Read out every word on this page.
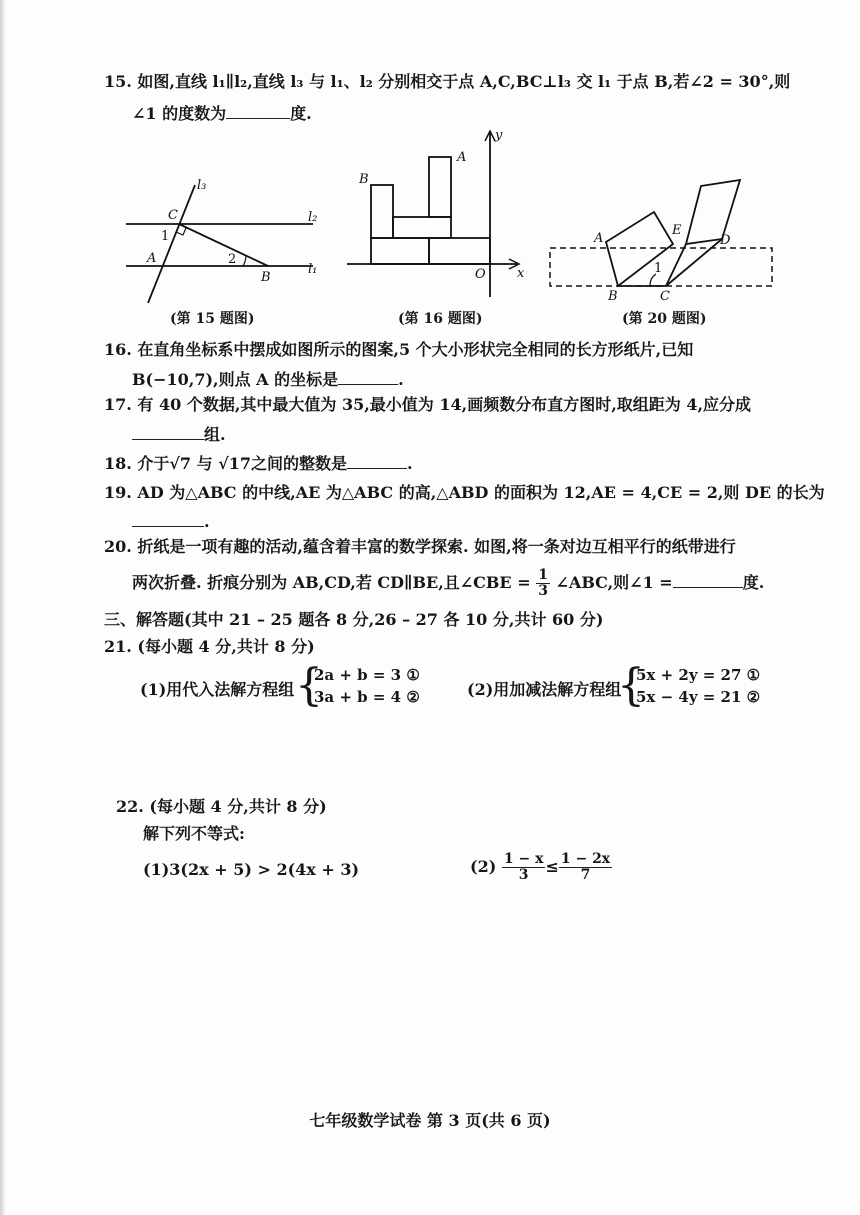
15. 如图,直线 l₁∥l₂,直线 l₃ 与 l₁、l₂ 分别相交于点 A,C,BC⊥l₃ 交 l₁ 于点 B,若∠2 = 30°,则
∠1 的度数为	度.
l₃
l₂
l₁
C
A
B
1
2
(第 15 题图)
B
A
O x
y
(第 16 题图)
A
B	C
D
E
1
(第 20 题图)
16. 在直角坐标系中摆成如图所示的图案,5 个大小形状完全相同的长方形纸片,已知
B(−10,7),则点 A 的坐标是	.
17. 有 40 个数据,其中最大值为 35,最小值为 14,画频数分布直方图时,取组距为 4,应分成
组.
18. 介于√7 与 √17之间的整数是	.
19. AD 为△ABC 的中线,AE 为△ABC 的高,△ABD 的面积为 12,AE = 4,CE = 2,则 DE 的长为
.
20. 折纸是一项有趣的活动,蕴含着丰富的数学探索. 如图,将一条对边互相平行的纸带进行
两次折叠. 折痕分别为 AB,CD,若 CD∥BE,且∠CBE = $\frac{1}{3}$ ∠ABC,则∠1 =	度.
三、解答题(其中 21 – 25 题各 8 分,26 – 27 各 10 分,共计 60 分)
21. (每小题 4 分,共计 8 分)
(1)用代入法解方程组 {
2a + b = 3 ①
3a + b = 4 ②	(2)用加减法解方程组
{
5x + 2y = 27 ①
5x − 4y = 21 ②
22. (每小题 4 分,共计 8 分)
解下列不等式:
(1)3(2x + 5) > 2(4x + 3)	$(2) \frac{1 - x}{3} \le \frac{1 - 2x}{7}$
七年级数学试卷 第 3 页(共 6 页)
